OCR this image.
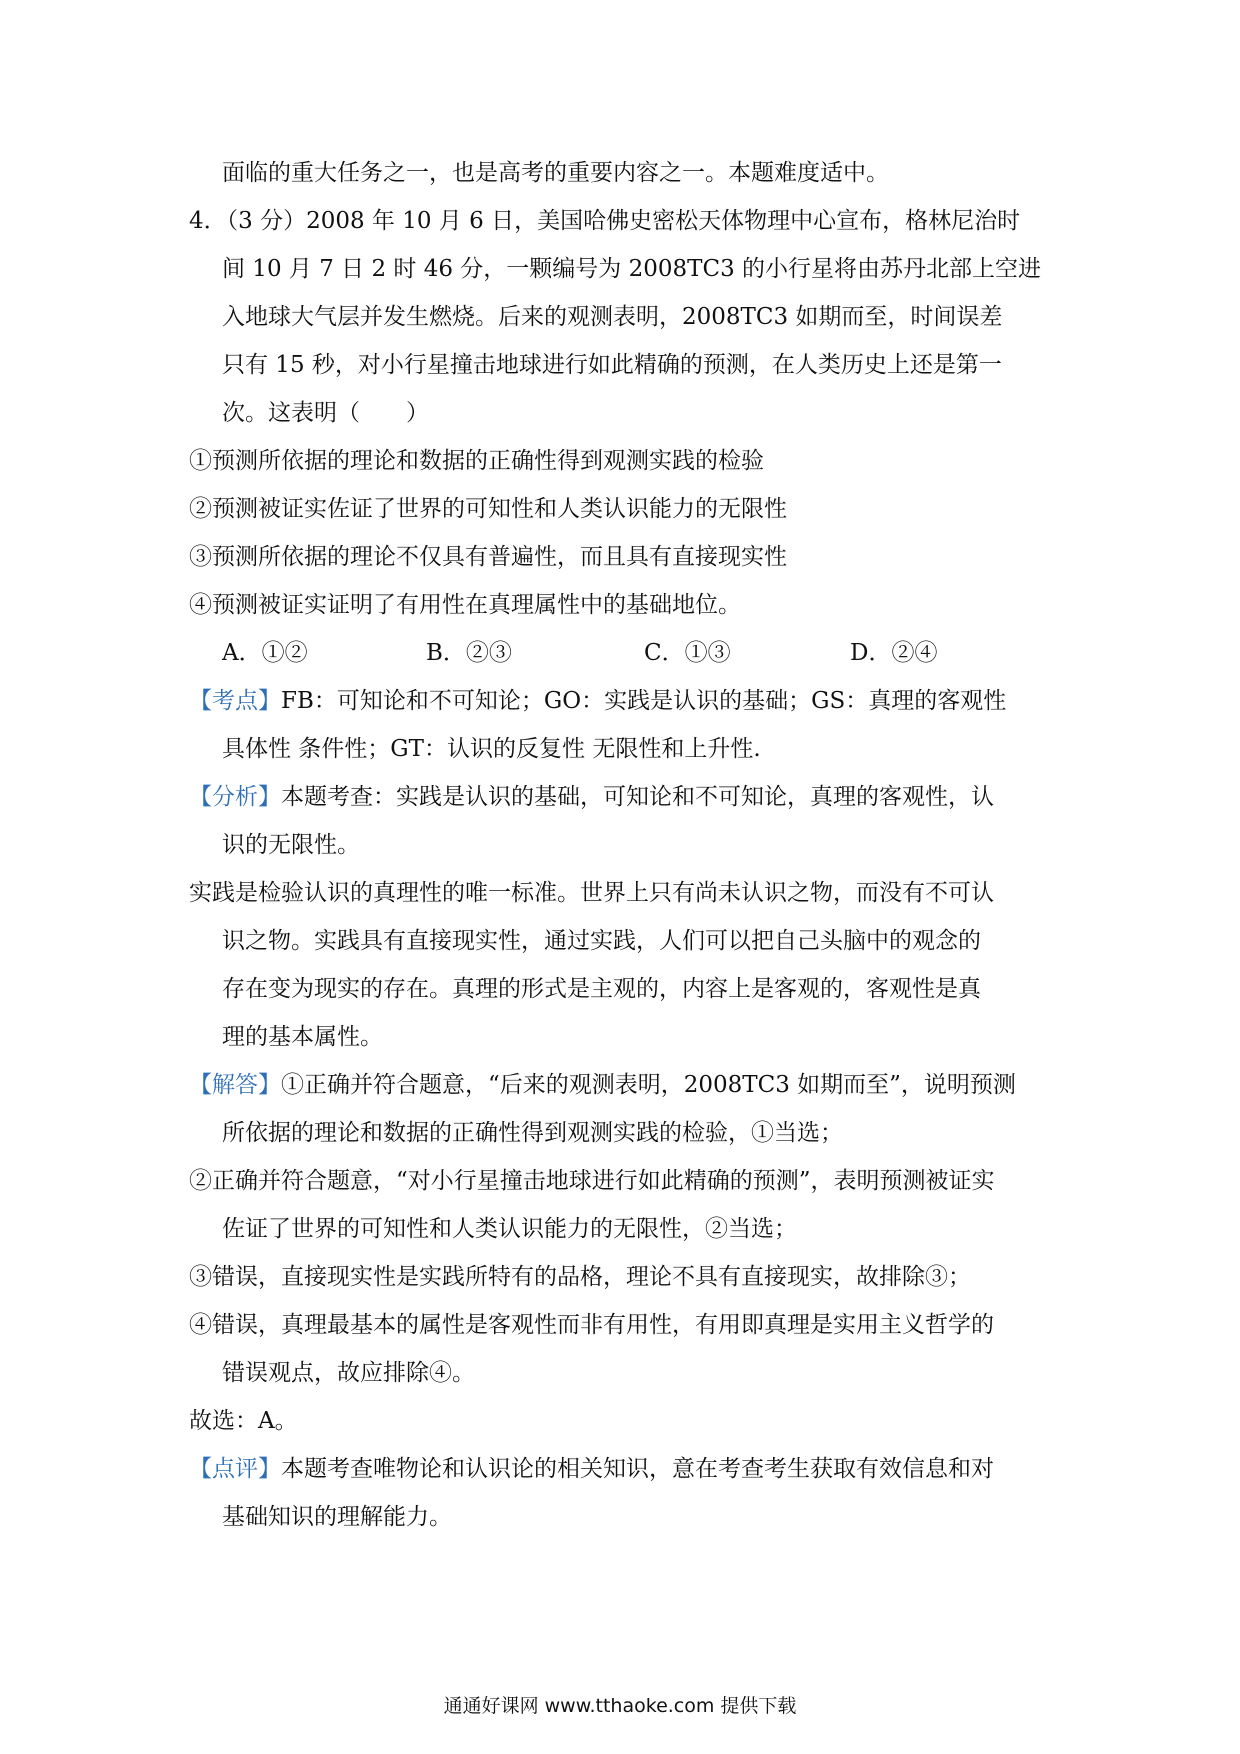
面临的重大任务之一，也是高考的重要内容之一。本题难度适中。
4．（3 分）2008 年 10 月 6 日，美国哈佛史密松天体物理中心宣布，格林尼治时
间 10 月 7 日 2 时 46 分，一颗编号为 2008TC3 的小行星将由苏丹北部上空进
入地球大气层并发生燃烧。后来的观测表明，2008TC3 如期而至，时间误差
只有 15 秒，对小行星撞击地球进行如此精确的预测，在人类历史上还是第一
次。这表明（　　）
①预测所依据的理论和数据的正确性得到观测实践的检验
②预测被证实佐证了世界的可知性和人类认识能力的无限性
③预测所依据的理论不仅具有普遍性，而且具有直接现实性
④预测被证实证明了有用性在真理属性中的基础地位。
A．①②	B．②③	C．①③	D．②④
【考点】FB：可知论和不可知论；GO：实践是认识的基础；GS：真理的客观性
具体性 条件性；GT：认识的反复性 无限性和上升性.
【分析】本题考查：实践是认识的基础，可知论和不可知论，真理的客观性，认
识的无限性。
实践是检验认识的真理性的唯一标准。世界上只有尚未认识之物，而没有不可认
识之物。实践具有直接现实性，通过实践，人们可以把自己头脑中的观念的
存在变为现实的存在。真理的形式是主观的，内容上是客观的，客观性是真
理的基本属性。
【解答】①正确并符合题意，“后来的观测表明，2008TC3 如期而至”，说明预测
所依据的理论和数据的正确性得到观测实践的检验，①当选；
②正确并符合题意，“对小行星撞击地球进行如此精确的预测”，表明预测被证实
佐证了世界的可知性和人类认识能力的无限性，②当选；
③错误，直接现实性是实践所特有的品格，理论不具有直接现实，故排除③；
④错误，真理最基本的属性是客观性而非有用性，有用即真理是实用主义哲学的
错误观点，故应排除④。
故选：A。
【点评】本题考查唯物论和认识论的相关知识，意在考查考生获取有效信息和对
基础知识的理解能力。
通通好课网 www.tthaoke.com 提供下载
